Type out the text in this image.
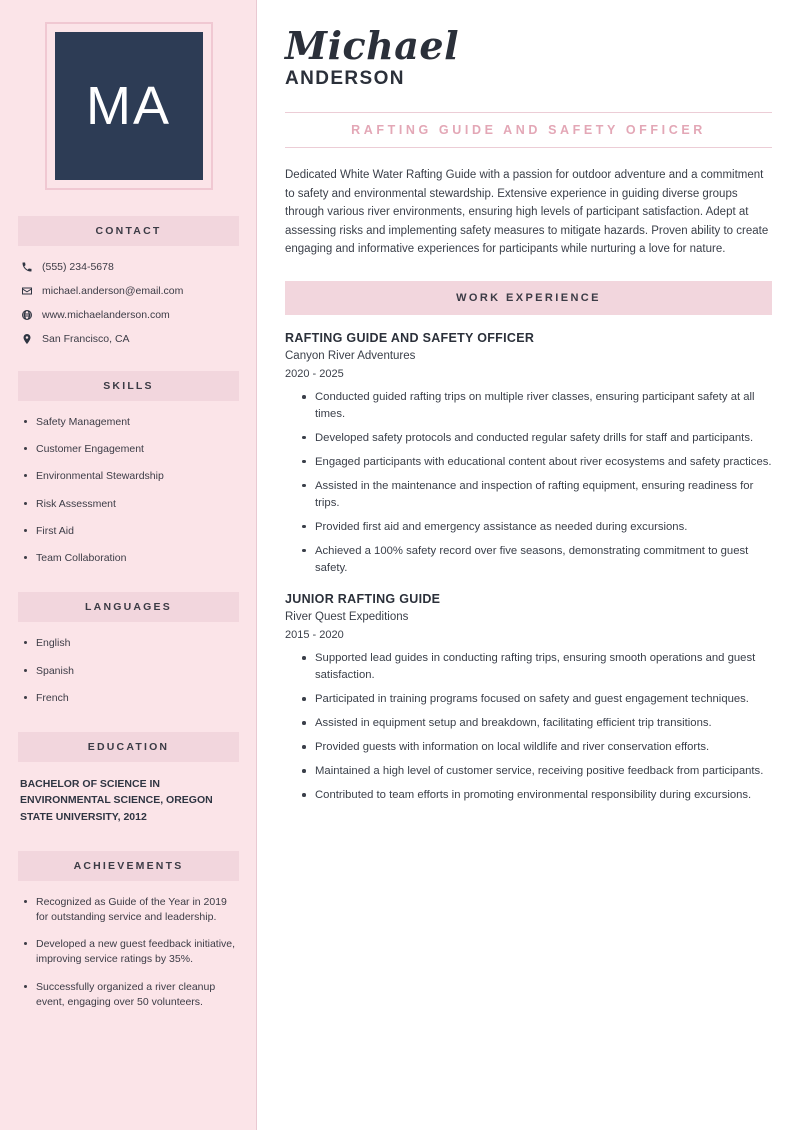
MA
CONTACT
(555) 234-5678
michael.anderson@email.com
www.michaelanderson.com
San Francisco, CA
SKILLS
Safety Management
Customer Engagement
Environmental Stewardship
Risk Assessment
First Aid
Team Collaboration
LANGUAGES
English
Spanish
French
EDUCATION
BACHELOR OF SCIENCE IN ENVIRONMENTAL SCIENCE, OREGON STATE UNIVERSITY, 2012
ACHIEVEMENTS
Recognized as Guide of the Year in 2019 for outstanding service and leadership.
Developed a new guest feedback initiative, improving service ratings by 35%.
Successfully organized a river cleanup event, engaging over 50 volunteers.
Michael
ANDERSON
RAFTING GUIDE AND SAFETY OFFICER

Dedicated White Water Rafting Guide with a passion for outdoor adventure and a commitment to safety and environmental stewardship. Extensive experience in guiding diverse groups through various river environments, ensuring high levels of participant satisfaction. Adept at assessing risks and implementing safety measures to mitigate hazards. Proven ability to create engaging and informative experiences for participants while nurturing a love for nature.

WORK EXPERIENCE
RAFTING GUIDE AND SAFETY OFFICER
Canyon River Adventures
2020 - 2025
Conducted guided rafting trips on multiple river classes, ensuring participant safety at all times.
Developed safety protocols and conducted regular safety drills for staff and participants.
Engaged participants with educational content about river ecosystems and safety practices.
Assisted in the maintenance and inspection of rafting equipment, ensuring readiness for trips.
Provided first aid and emergency assistance as needed during excursions.
Achieved a 100% safety record over five seasons, demonstrating commitment to guest safety.
JUNIOR RAFTING GUIDE
River Quest Expeditions
2015 - 2020
Supported lead guides in conducting rafting trips, ensuring smooth operations and guest satisfaction.
Participated in training programs focused on safety and guest engagement techniques.
Assisted in equipment setup and breakdown, facilitating efficient trip transitions.
Provided guests with information on local wildlife and river conservation efforts.
Maintained a high level of customer service, receiving positive feedback from participants.
Contributed to team efforts in promoting environmental responsibility during excursions.
